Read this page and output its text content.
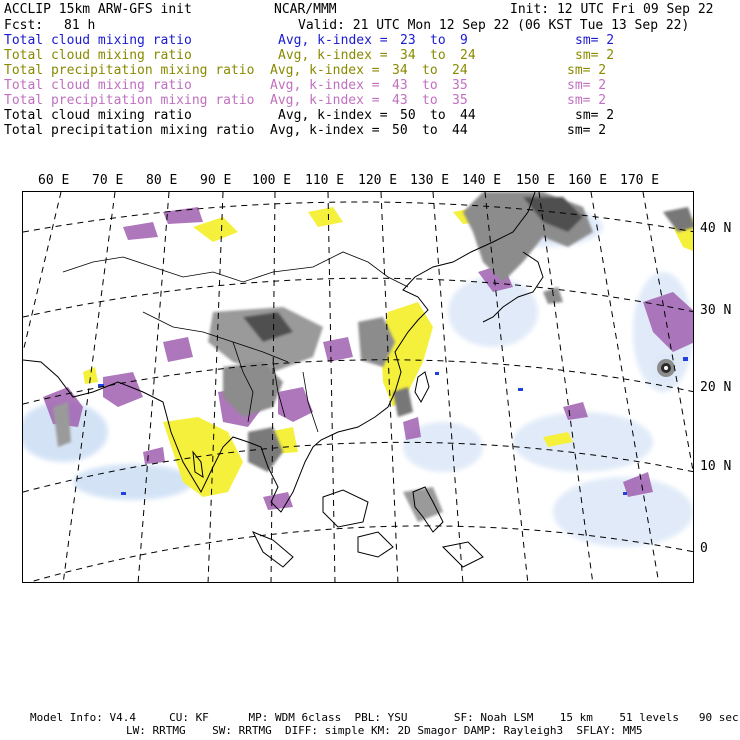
ACCLIP 15km ARW-GFS init	NCAR/MMM	Init: 12 UTC Fri 09 Sep 22
Fcst: 81 h	Valid: 21 UTC Mon 12 Sep 22 (06 KST Tue 13 Sep 22)
Total cloud mixing ratio	Avg, k-index = 23 to 9	sm= 2
Total cloud mixing ratio	Avg, k-index = 34 to 24	sm= 2
Total precipitation mixing ratio Avg, k-index = 34 to 24	sm= 2
Total cloud mixing ratio	Avg, k-index = 43 to 35	sm= 2
Total precipitation mixing ratio Avg, k-index = 43 to 35	sm= 2
Total cloud mixing ratio	Avg, k-index = 50 to 44	sm= 2
Total precipitation mixing ratio Avg, k-index = 50 to 44	sm= 2
60 E 70 E 80 E 90 E 100 E 110 E 120 E 130 E 140 E 150 E 160 E 170 E
40 N
30 N
20 N
10 N
0
Model Info: V4.4     CU: KF      MP: WDM 6class  PBL: YSU       SF: Noah LSM    15 km    51 levels   90 sec
LW: RRTMG    SW: RRTMG  DIFF: simple KM: 2D Smagor DAMP: Rayleigh3  SFLAY: MM5
